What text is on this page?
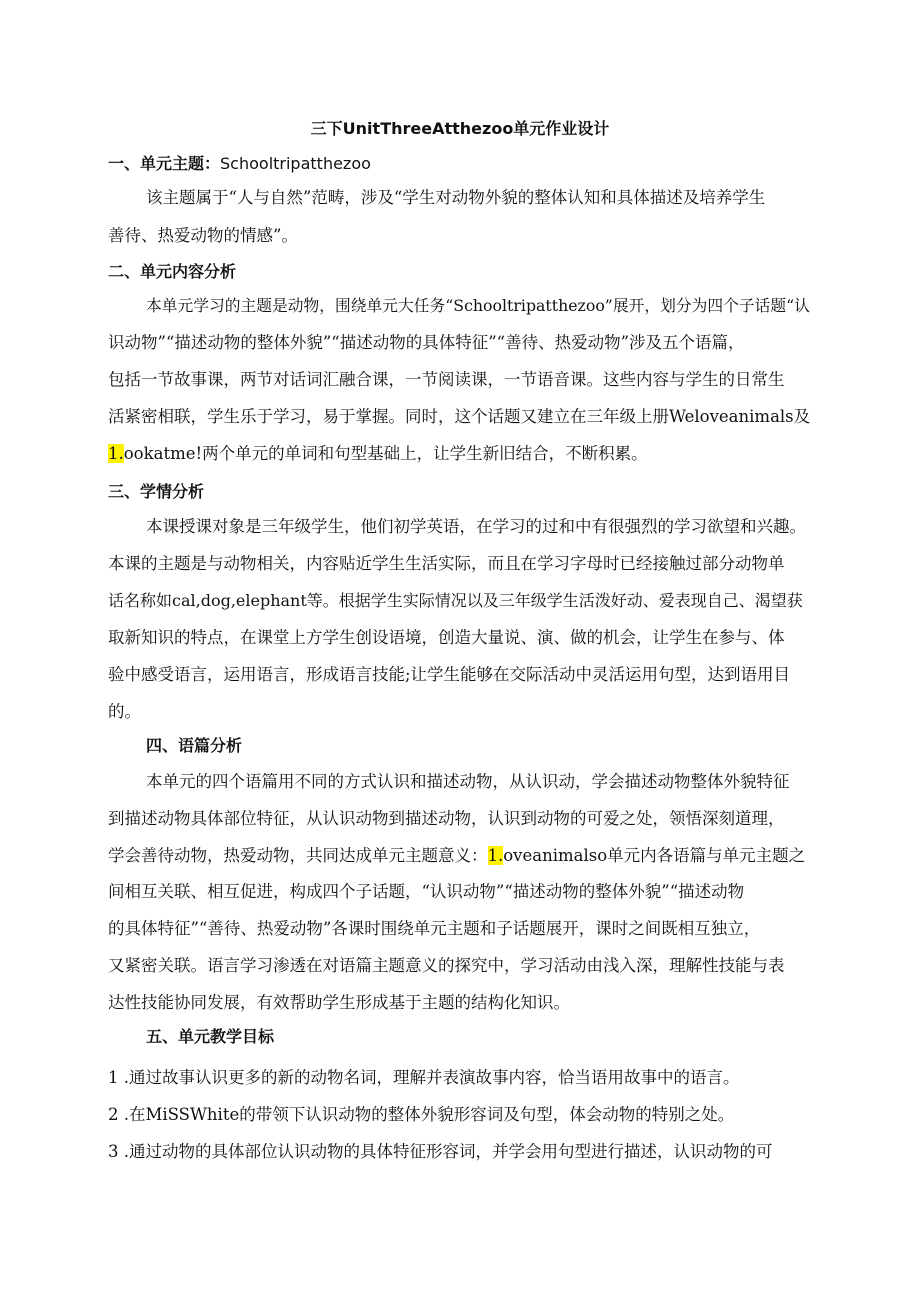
三下UnitThreeAtthezoo单元作业设计
一、单元主题：Schooltripatthezoo
该主题属于“人与自然”范畴，涉及“学生对动物外貌的整体认知和具体描述及培养学生
善待、热爱动物的情感”。
二、单元内容分析
本单元学习的主题是动物，围绕单元大任务“Schooltripatthezoo”展开，划分为四个子话题“认
识动物”“描述动物的整体外貌”“描述动物的具体特征”“善待、热爱动物”涉及五个语篇，
包括一节故事课，两节对话词汇融合课，一节阅读课，一节语音课。这些内容与学生的日常生
活紧密相联，学生乐于学习，易于掌握。同时，这个话题又建立在三年级上册Weloveanimals及
1.ookatme!两个单元的单词和句型基础上，让学生新旧结合，不断积累。
三、学情分析
本课授课对象是三年级学生，他们初学英语，在学习的过和中有很强烈的学习欲望和兴趣。
本课的主题是与动物相关，内容贴近学生生活实际，而且在学习字母时已经接触过部分动物单
话名称如cal,dog,elephant等。根据学生实际情况以及三年级学生活泼好动、爱表现自己、渴望获
取新知识的特点，在课堂上方学生创设语境，创造大量说、演、做的机会，让学生在参与、体
验中感受语言，运用语言，形成语言技能;让学生能够在交际活动中灵活运用句型，达到语用目
的。
四、语篇分析
本单元的四个语篇用不同的方式认识和描述动物，从认识动，学会描述动物整体外貌特征
到描述动物具体部位特征，从认识动物到描述动物，认识到动物的可爱之处，领悟深刻道理，
学会善待动物，热爱动物，共同达成单元主题意义：1.oveanimalso单元内各语篇与单元主题之
间相互关联、相互促进，构成四个子话题，“认识动物”“描述动物的整体外貌”“描述动物
的具体特征”“善待、热爱动物”各课时围绕单元主题和子话题展开，课时之间既相互独立，
又紧密关联。语言学习渗透在对语篇主题意义的探究中，学习活动由浅入深，理解性技能与表
达性技能协同发展，有效帮助学生形成基于主题的结构化知识。
五、单元教学目标
1 .通过故事认识更多的新的动物名词，理解并表演故事内容，恰当语用故事中的语言。
2 .在MiSSWhite的带领下认识动物的整体外貌形容词及句型，体会动物的特别之处。
3 .通过动物的具体部位认识动物的具体特征形容词，并学会用句型进行描述，认识动物的可
